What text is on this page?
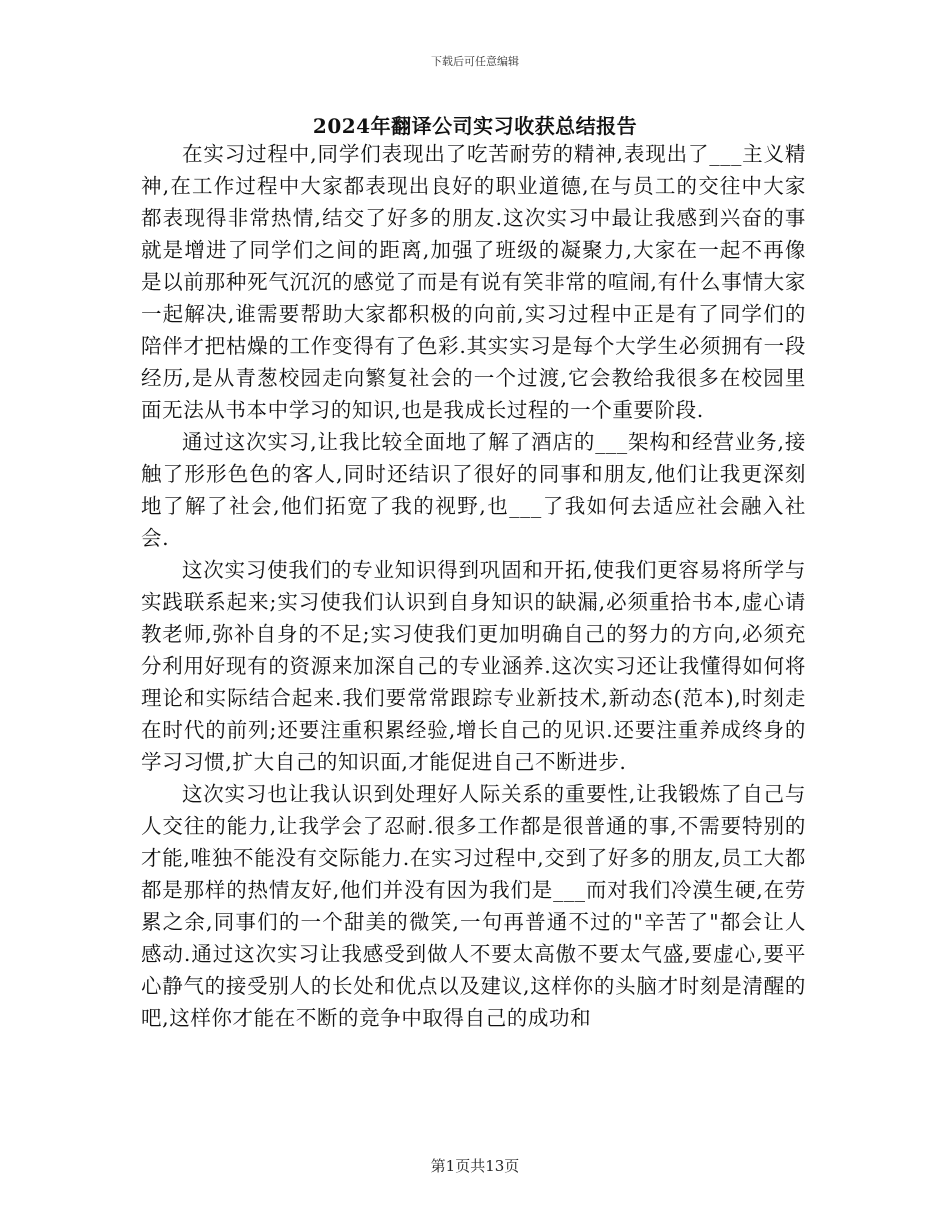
下载后可任意编辑
2024年翻译公司实习收获总结报告

在实习过程中,同学们表现出了吃苦耐劳的精神,表现出了___主义精神,在工作过程中大家都表现出良好的职业道德,在与员工的交往中大家都表现得非常热情,结交了好多的朋友.这次实习中最让我感到兴奋的事就是增进了同学们之间的距离,加强了班级的凝聚力,大家在一起不再像是以前那种死气沉沉的感觉了而是有说有笑非常的喧闹,有什么事情大家一起解决,谁需要帮助大家都积极的向前,实习过程中正是有了同学们的陪伴才把枯燥的工作变得有了色彩.其实实习是每个大学生必须拥有一段经历,是从青葱校园走向繁复社会的一个过渡,它会教给我很多在校园里面无法从书本中学习的知识,也是我成长过程的一个重要阶段.

通过这次实习,让我比较全面地了解了酒店的___架构和经营业务,接触了形形色色的客人,同时还结识了很好的同事和朋友,他们让我更深刻地了解了社会,他们拓宽了我的视野,也___了我如何去适应社会融入社会.

这次实习使我们的专业知识得到巩固和开拓,使我们更容易将所学与实践联系起来;实习使我们认识到自身知识的缺漏,必须重拾书本,虚心请教老师,弥补自身的不足;实习使我们更加明确自己的努力的方向,必须充分利用好现有的资源来加深自己的专业涵养.这次实习还让我懂得如何将理论和实际结合起来.我们要常常跟踪专业新技术,新动态(范本),时刻走在时代的前列;还要注重积累经验,增长自己的见识.还要注重养成终身的学习习惯,扩大自己的知识面,才能促进自己不断进步.

这次实习也让我认识到处理好人际关系的重要性,让我锻炼了自己与人交往的能力,让我学会了忍耐.很多工作都是很普通的事,不需要特别的才能,唯独不能没有交际能力.在实习过程中,交到了好多的朋友,员工大都都是那样的热情友好,他们并没有因为我们是___而对我们冷漠生硬,在劳累之余,同事们的一个甜美的微笑,一句再普通不过的"辛苦了"都会让人感动.通过这次实习让我感受到做人不要太高傲不要太气盛,要虚心,要平心静气的接受别人的长处和优点以及建议,这样你的头脑才时刻是清醒的吧,这样你才能在不断的竞争中取得自己的成功和

第1页共13页
